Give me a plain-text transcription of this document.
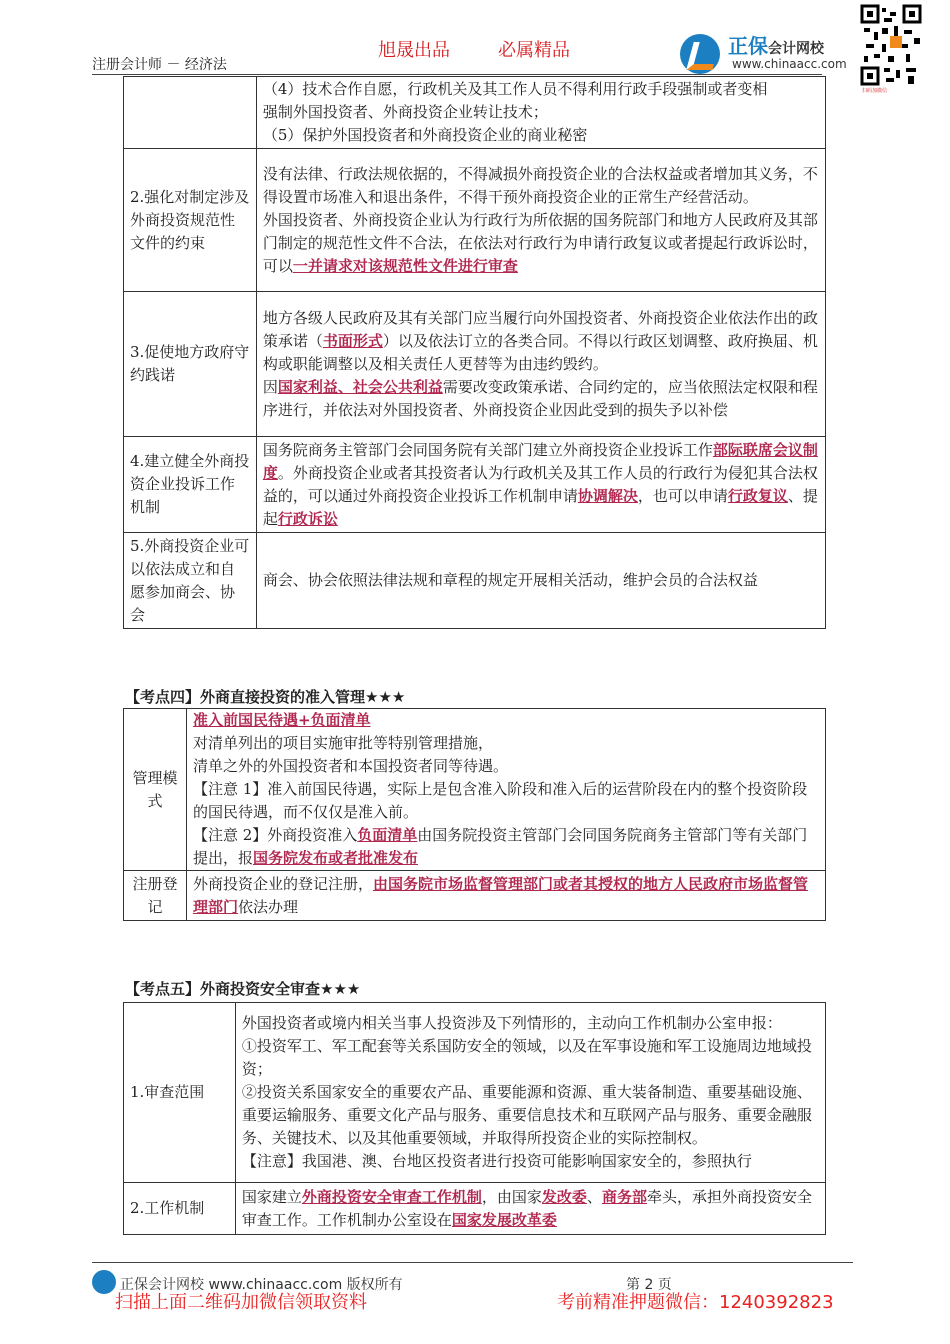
注册会计师 － 经济法
旭晟出品	必属精品	正保会计网校
www.chinaacc.com
扫码加微信

	（4）技术合作自愿，行政机关及其工作人员不得利用行政手段强制或者变相
强制外国投资者、外商投资企业转让技术；
（5）保护外国投资者和外商投资企业的商业秘密

2.强化对制定涉及外商投资规范性文件的约束	没有法律、行政法规依据的，不得减损外商投资企业的合法权益或者增加其义务，不得设置市场准入和退出条件，不得干预外商投资企业的正常生产经营活动。
外国投资者、外商投资企业认为行政行为所依据的国务院部门和地方人民政府及其部门制定的规范性文件不合法，在依法对行政行为申请行政复议或者提起行政诉讼时，可以一并请求对该规范性文件进行审查

3.促使地方政府守约践诺	地方各级人民政府及其有关部门应当履行向外国投资者、外商投资企业依法作出的政策承诺（书面形式）以及依法订立的各类合同。不得以行政区划调整、政府换届、机构或职能调整以及相关责任人更替等为由违约毁约。
因国家利益、社会公共利益需要改变政策承诺、合同约定的，应当依照法定权限和程序进行，并依法对外国投资者、外商投资企业因此受到的损失予以补偿

4.建立健全外商投资企业投诉工作机制	国务院商务主管部门会同国务院有关部门建立外商投资企业投诉工作部际联席会议制度。外商投资企业或者其投资者认为行政机关及其工作人员的行政行为侵犯其合法权益的，可以通过外商投资企业投诉工作机制申请协调解决，也可以申请行政复议、提起行政诉讼
5.外商投资企业可以依法成立和自愿参加商会、协会	商会、协会依照法律法规和章程的规定开展相关活动，维护会员的合法权益
【考点四】外商直接投资的准入管理★★★
管理模式	准入前国民待遇+负面清单
对清单列出的项目实施审批等特别管理措施，
清单之外的外国投资者和本国投资者同等待遇。
【注意 1】准入前国民待遇，实际上是包含准入阶段和准入后的运营阶段在内的整个投资阶段的国民待遇，而不仅仅是准入前。
【注意 2】外商投资准入负面清单由国务院投资主管部门会同国务院商务主管部门等有关部门提出，报国务院发布或者批准发布

注册登记	外商投资企业的登记注册，由国务院市场监督管理部门或者其授权的地方人民政府市场监督管理部门依法办理
【考点五】外商投资安全审查★★★
1.审查范围	外国投资者或境内相关当事人投资涉及下列情形的，主动向工作机制办公室申报：
①投资军工、军工配套等关系国防安全的领域，以及在军事设施和军工设施周边地域投资；
②投资关系国家安全的重要农产品、重要能源和资源、重大装备制造、重要基础设施、重要运输服务、重要文化产品与服务、重要信息技术和互联网产品与服务、重要金融服务、关键技术、以及其他重要领域，并取得所投资企业的实际控制权。
【注意】我国港、澳、台地区投资者进行投资可能影响国家安全的，参照执行

2.工作机制	国家建立外商投资安全审查工作机制，由国家发改委、商务部牵头，承担外商投资安全审查工作。工作机制办公室设在国家发展改革委
正保会计网校 www.chinaacc.com 版权所有	第 2 页
扫描上面二维码加微信领取资料	考前精准押题微信：1240392823
